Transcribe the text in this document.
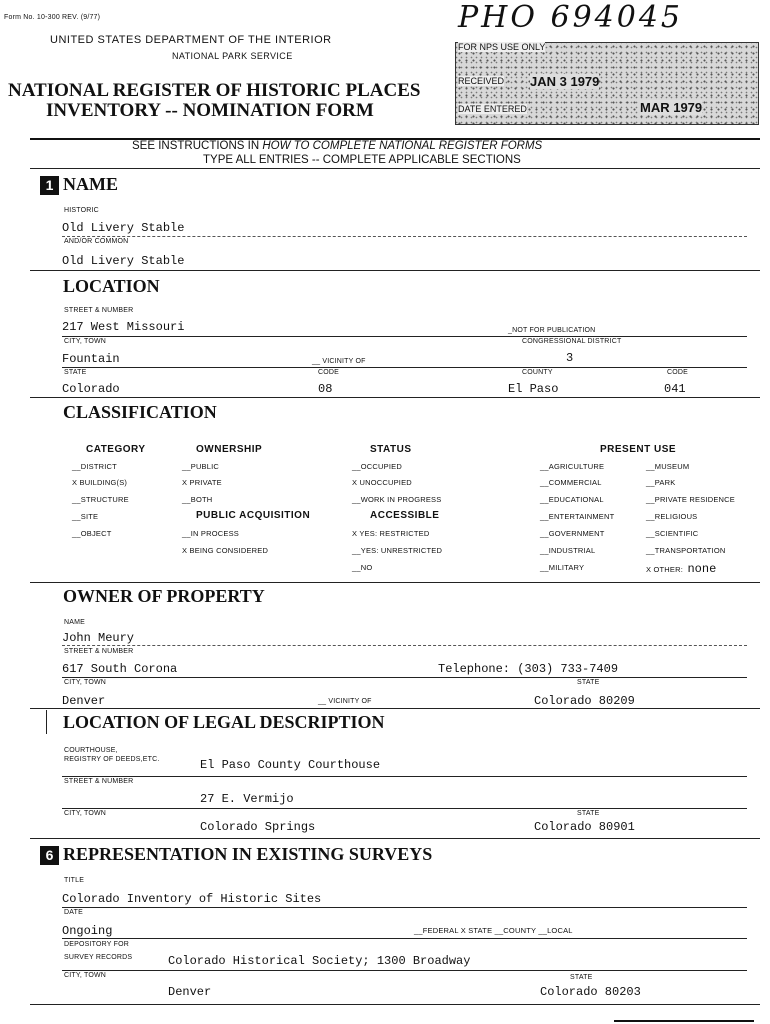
Form No. 10-300 REV. (9/77)	PHO 694045
UNITED STATES DEPARTMENT OF THE INTERIOR
NATIONAL PARK SERVICE
NATIONAL REGISTER OF HISTORIC PLACES
INVENTORY -- NOMINATION FORM
FOR NPS USE ONLY
RECEIVED JAN 3 1979
DATE ENTERED	MAR 1979
SEE INSTRUCTIONS IN HOW TO COMPLETE NATIONAL REGISTER FORMS
TYPE ALL ENTRIES -- COMPLETE APPLICABLE SECTIONS
1 NAME
HISTORIC
Old Livery Stable
AND/OR COMMON
Old Livery Stable
LOCATION
STREET & NUMBER
217 West Missouri	_NOT FOR PUBLICATION
CITY, TOWN	CONGRESSIONAL DISTRICT
Fountain	__ VICINITY OF	3
STATE	CODE	COUNTY	CODE
Colorado	08	El Paso	041
CLASSIFICATION
CATEGORY
__DISTRICT
X BUILDING(S)
__STRUCTURE
__SITE
__OBJECT
OWNERSHIP
__PUBLIC
X PRIVATE
__BOTH
PUBLIC ACQUISITION
__IN PROCESS
X BEING CONSIDERED
STATUS
__OCCUPIED
X UNOCCUPIED
__WORK IN PROGRESS
ACCESSIBLE
X YES: RESTRICTED
__YES: UNRESTRICTED
__NO
PRESENT USE
__AGRICULTURE
__COMMERCIAL
__EDUCATIONAL
__ENTERTAINMENT
__GOVERNMENT
__INDUSTRIAL
__MILITARY
__MUSEUM
__PARK
__PRIVATE RESIDENCE
__RELIGIOUS
__SCIENTIFIC
__TRANSPORTATION
X OTHER: none
OWNER OF PROPERTY
NAME
John Meury
STREET & NUMBER
617 South Corona	Telephone: (303) 733-7409
CITY, TOWN	STATE
Denver	__ VICINITY OF	Colorado 80209
LOCATION OF LEGAL DESCRIPTION
COURTHOUSE,
REGISTRY OF DEEDS,ETC.	El Paso County Courthouse
STREET & NUMBER
27 E. Vermijo
CITY, TOWN	STATE
Colorado Springs	Colorado 80901
6 REPRESENTATION IN EXISTING SURVEYS
TITLE
Colorado Inventory of Historic Sites
DATE
Ongoing	__FEDERAL X STATE __COUNTY __LOCAL
DEPOSITORY FOR
SURVEY RECORDS	Colorado Historical Society; 1300 Broadway
CITY, TOWN	STATE
Denver	Colorado 80203
